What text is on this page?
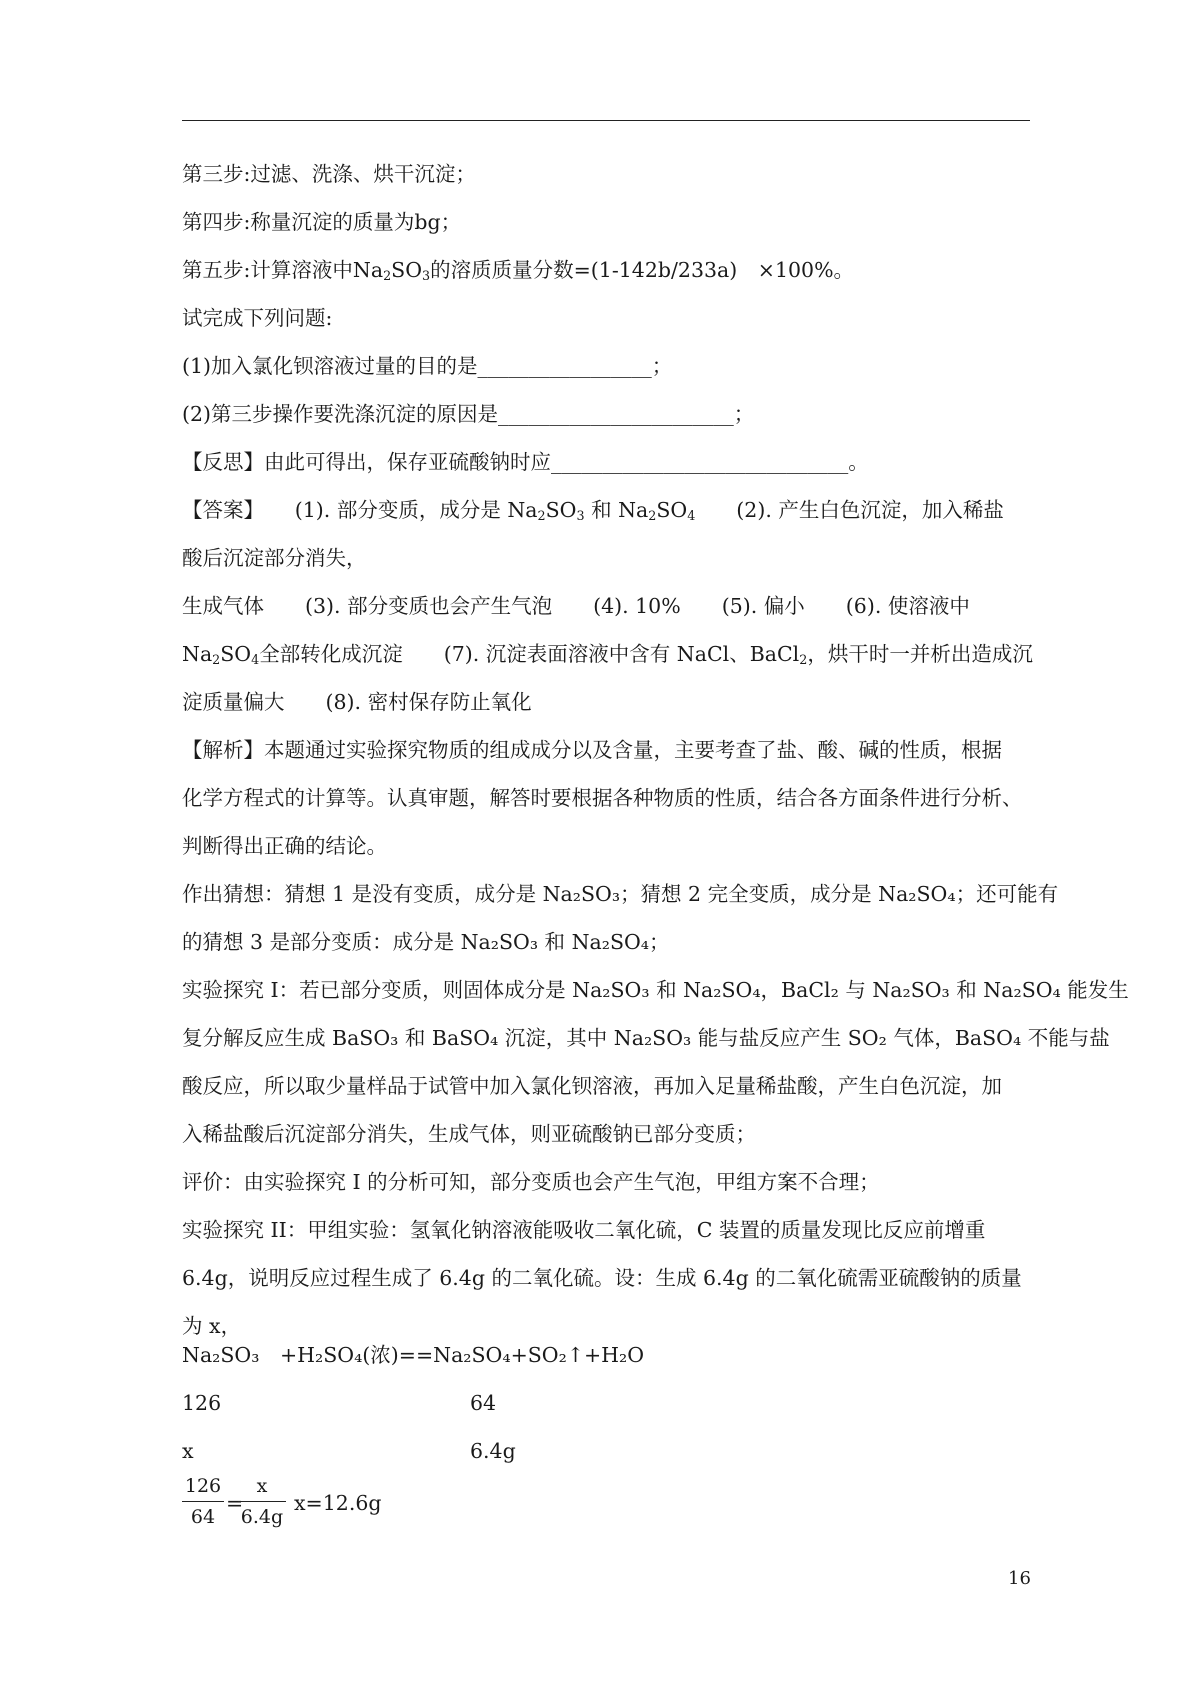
第三步:过滤、洗涤、烘干沉淀；
第四步:称量沉淀的质量为bg；
第五步:计算溶液中$Na_2SO_3$的溶质质量分数=(1-142b/233a)　×100%。
试完成下列问题:
(1)加入氯化钡溶液过量的目的是_________________；
(2)第三步操作要洗涤沉淀的原因是_______________________；
【反思】由此可得出，保存亚硫酸钠时应_____________________________。
【答案】　　(1). 部分变质，成分是 $Na_2SO_3$ 和 $Na_2SO_4$　　(2). 产生白色沉淀，加入稀盐
酸后沉淀部分消失，
生成气体　　(3). 部分变质也会产生气泡　　(4). 10%　　(5). 偏小　　(6). 使溶液中
$Na_2SO_4$全部转化成沉淀　　(7). 沉淀表面溶液中含有 NaCl、BaCl$_2$，烘干时一并析出造成沉
淀质量偏大　　(8). 密村保存防止氧化
【解析】本题通过实验探究物质的组成成分以及含量，主要考查了盐、酸、碱的性质，根据
化学方程式的计算等。认真审题，解答时要根据各种物质的性质，结合各方面条件进行分析、
判断得出正确的结论。
作出猜想：猜想 1 是没有变质，成分是 Na₂SO₃；猜想 2 完全变质，成分是 Na₂SO₄；还可能有
的猜想 3 是部分变质：成分是 Na₂SO₃ 和 Na₂SO₄；
实验探究 I：若已部分变质，则固体成分是 Na₂SO₃ 和 Na₂SO₄，BaCl₂ 与 Na₂SO₃ 和 Na₂SO₄ 能发生
复分解反应生成 BaSO₃ 和 BaSO₄ 沉淀，其中 Na₂SO₃ 能与盐反应产生 SO₂ 气体，BaSO₄ 不能与盐
酸反应，所以取少量样品于试管中加入氯化钡溶液，再加入足量稀盐酸，产生白色沉淀，加
入稀盐酸后沉淀部分消失，生成气体，则亚硫酸钠已部分变质；
评价：由实验探究 I 的分析可知，部分变质也会产生气泡，甲组方案不合理；
实验探究 II：甲组实验：氢氧化钠溶液能吸收二氧化硫，C 装置的质量发现比反应前增重
6.4g，说明反应过程生成了 6.4g 的二氧化硫。设：生成 6.4g 的二氧化硫需亚硫酸钠的质量
为 x，
Na₂SO₃　+H₂SO₄(浓)==Na₂SO₄+SO₂↑+H₂O
126	64
x	6.4g
126
64
=
x
6.4g
x=12.6g
16
